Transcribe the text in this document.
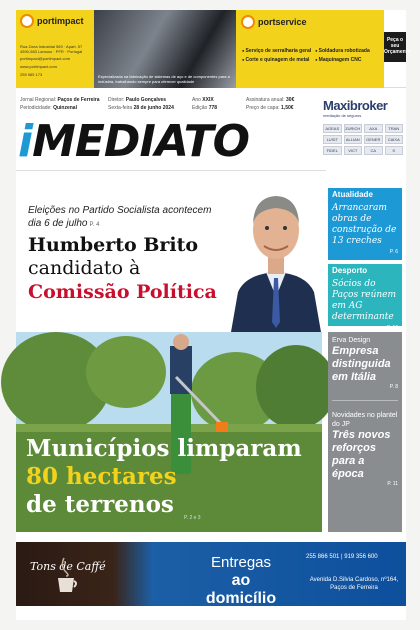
portimpact
Rua Zona Industrial 569 · Apart. 57 4590-583 Lamoso · PFR · Portugal
portimpact@portimpact.com
www.portimpact.com
255 965 173	Especializada na fabricação de sistemas de aço e de componentes para a indústria, trabalhando sempre para oferecer qualidade
portservice
● Serviço de serralharia geral	● Soldadura robotizada
● Corte e quinagem de metal	● Maquinagem CNC
Peça o seu Orçamento
Jornal Regional: Paços de Ferreira
Periodicidade: Quinzenal
Diretor: Paulo Gonçalves
Sexta-feira 28 de junho 2024
Ano XXIX
Edição 778
Assinatura anual: 30€
Preço de capa: 1,50€
iMEDIATO
Maxibroker
mediação de seguros
AGEAS	ZURICH	AXA	TRAN
LUSIT	ALLIAN	GENER	CAIXA
FIDEL	VICT	CA	S
Eleições no Partido Socialista acontecem dia 6 de julho P. 4
Humberto Brito
candidato à
Comissão Política
Atualidade
Arrancaram obras de construção de 13 creches
P. 6
Desporto
Sócios do Paços reúnem em AG determinante
P. 10
Municípios limparam
80 hectares
de terrenos	P. 2 e 3
Erva Design
Empresa distinguida em Itália
P. 8
Novidades no plantel do JP
Três novos reforços para a época
P. 11
Tons de Caffé	Entregas
ao domicílio
255 866 501 | 919 356 600
Avenida D.Silvia Cardoso, nº164, Paços de Ferreira
